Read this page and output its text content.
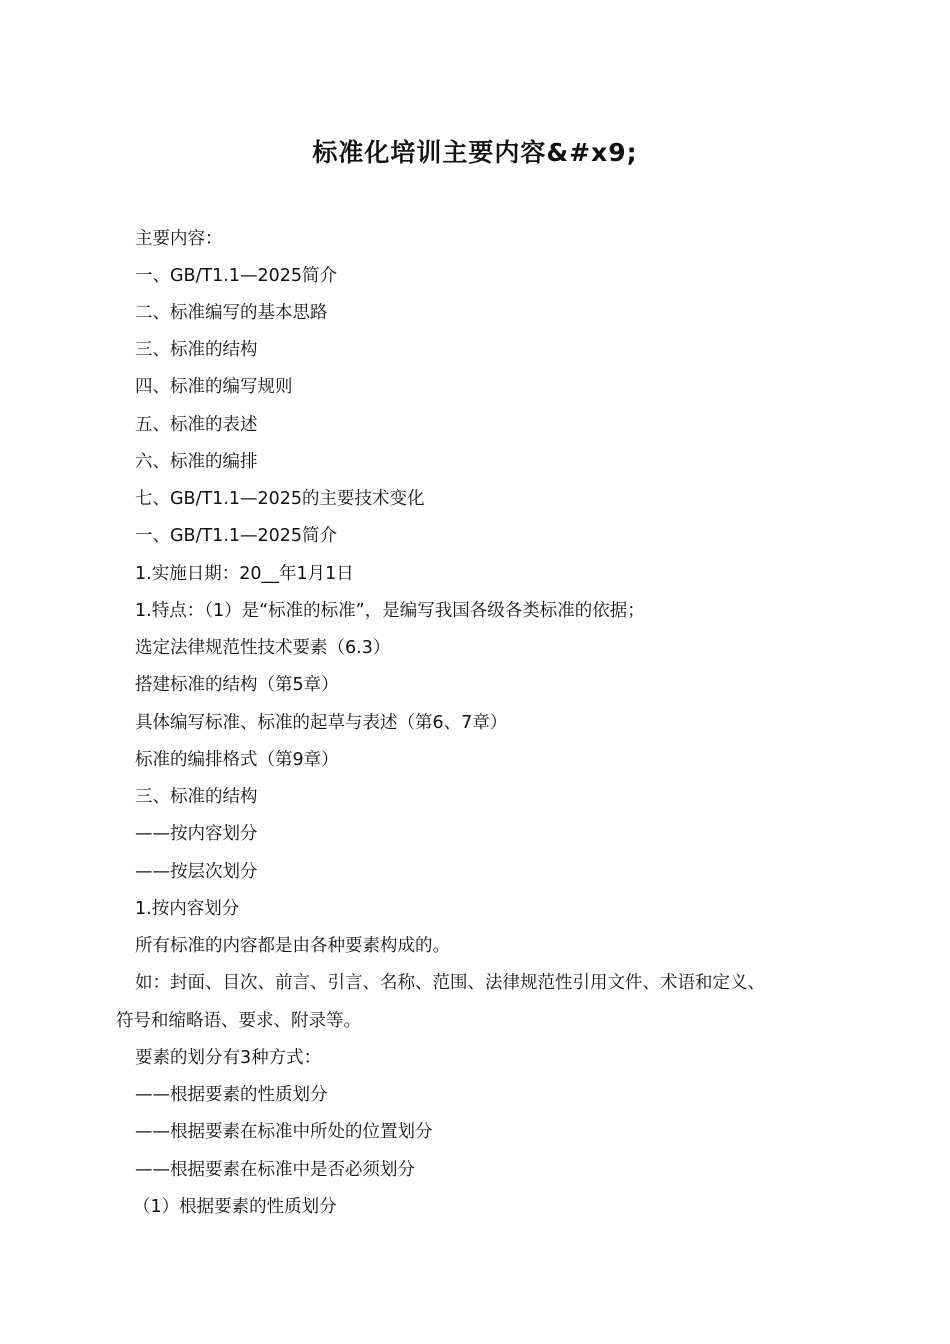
标准化培训主要内容&#x9;

主要内容：

一、GB/T1.1—2025简介

二、标准编写的基本思路

三、标准的结构

四、标准的编写规则

五、标准的表述

六、标准的编排

七、GB/T1.1—2025的主要技术变化

一、GB/T1.1—2025简介

1.实施日期：20__年1月1日

1.特点：（1）是“标准的标准”，是编写我国各级各类标准的依据；

选定法律规范性技术要素（6.3）

搭建标准的结构（第5章）

具体编写标准、标准的起草与表述（第6、7章）

标准的编排格式（第9章）

三、标准的结构

——按内容划分

——按层次划分

1.按内容划分

所有标准的内容都是由各种要素构成的。

如：封面、目次、前言、引言、名称、范围、法律规范性引用文件、术语和定义、

符号和缩略语、要求、附录等。

要素的划分有3种方式：

——根据要素的性质划分

——根据要素在标准中所处的位置划分

——根据要素在标准中是否必须划分

（1）根据要素的性质划分
